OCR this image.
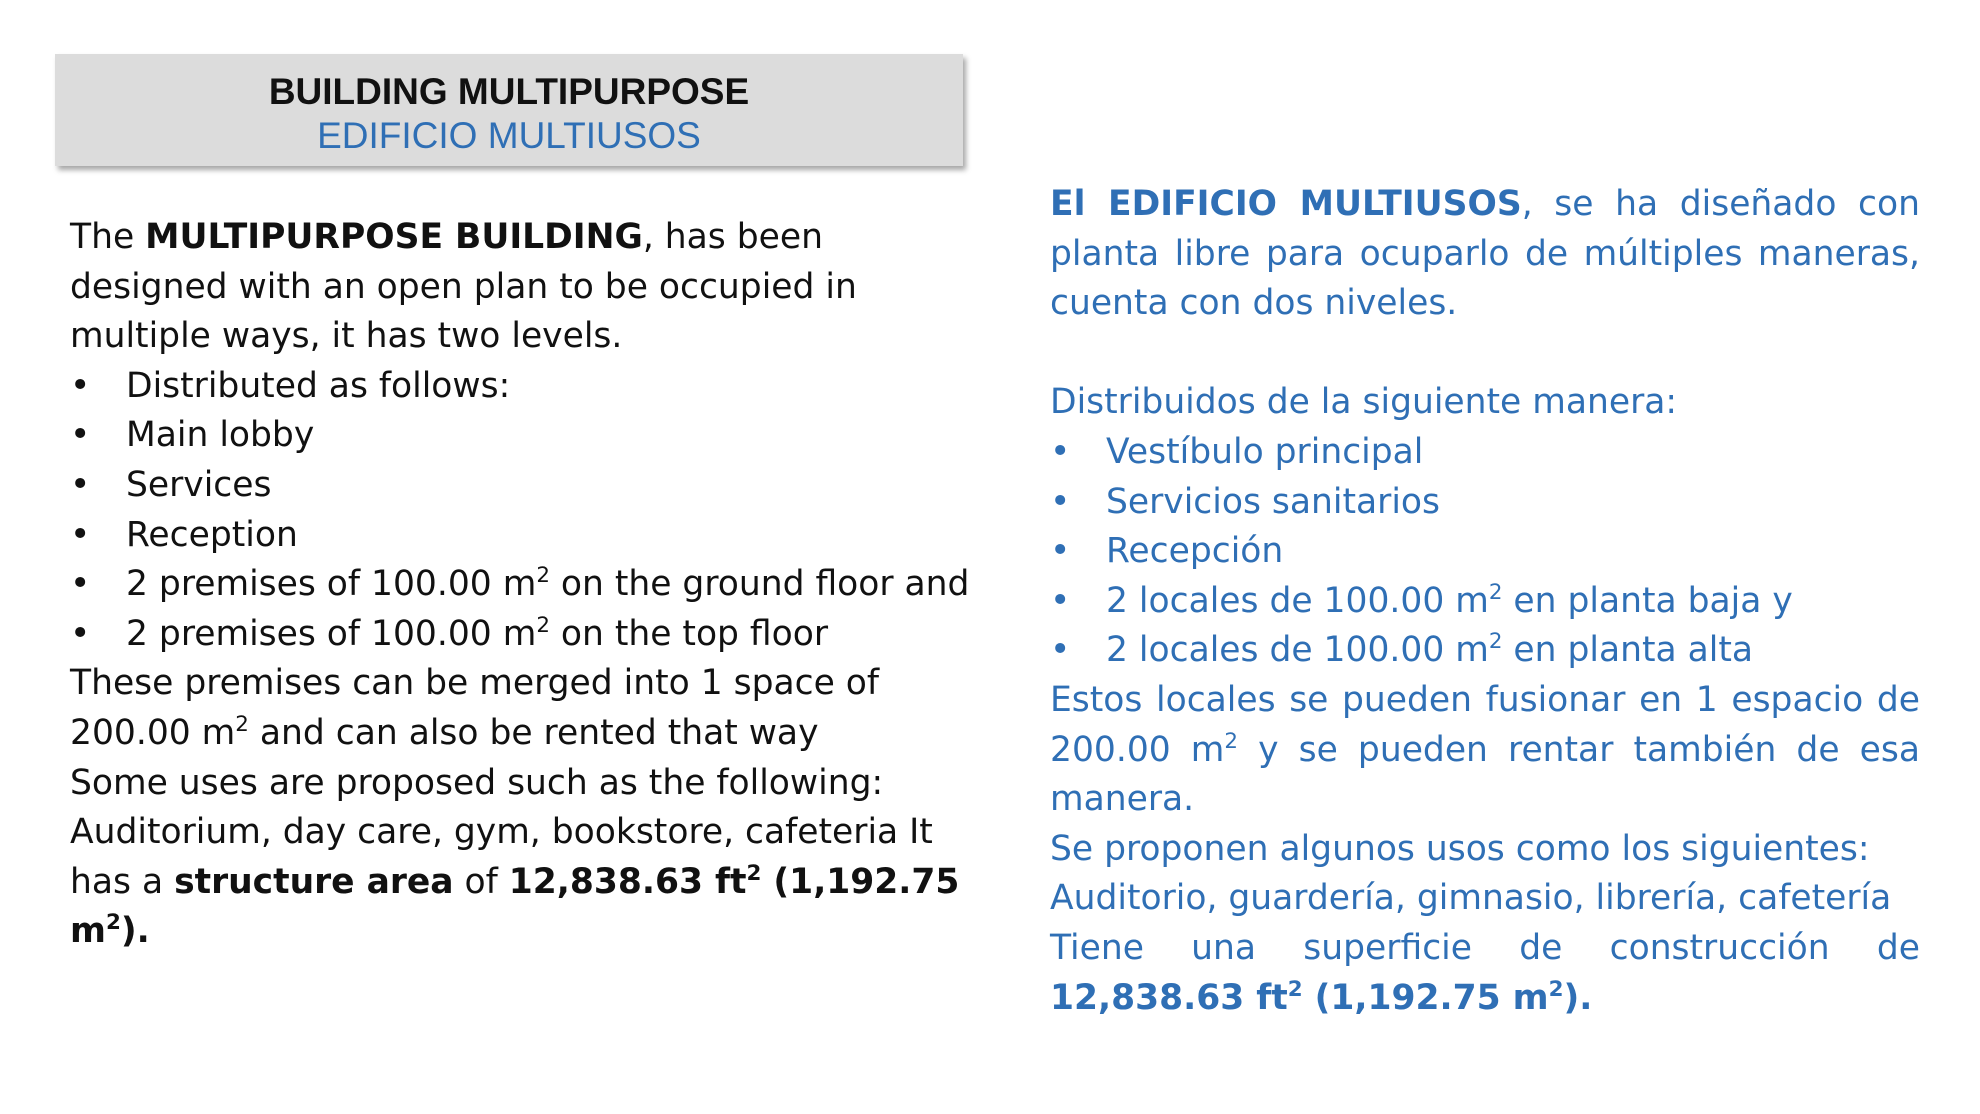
BUILDING MULTIPURPOSE
EDIFICIO MULTIUSOS

The MULTIPURPOSE BUILDING, has been designed with an open plan to be occupied in multiple ways, it has two levels.

• Distributed as follows:
• Main lobby
• Services
• Reception
• 2 premises of 100.00 $m^2$ on the ground floor and
• 2 premises of 100.00 $m^2$ on the top floor

These premises can be merged into 1 space of 200.00 $m^2$ and can also be rented that way

Some uses are proposed such as the following:

Auditorium, day care, gym, bookstore, cafeteria It has a structure area of 12,838.63 $ft^2$ (1,192.75 $m^2$).

El EDIFICIO MULTIUSOS, se ha diseñado con planta libre para ocuparlo de múltiples maneras, cuenta con dos niveles.

Distribuidos de la siguiente manera:

• Vestíbulo principal
• Servicios sanitarios
• Recepción
• 2 locales de 100.00 $m^2$ en planta baja y
• 2 locales de 100.00 $m^2$ en planta alta

Estos locales se pueden fusionar en 1 espacio de 200.00 $m^2$ y se pueden rentar también de esa manera.

Se proponen algunos usos como los siguientes:

Auditorio, guardería, gimnasio, librería, cafetería

Tiene una superficie de construcción de 12,838.63 $ft^2$ (1,192.75 $m^2$).
